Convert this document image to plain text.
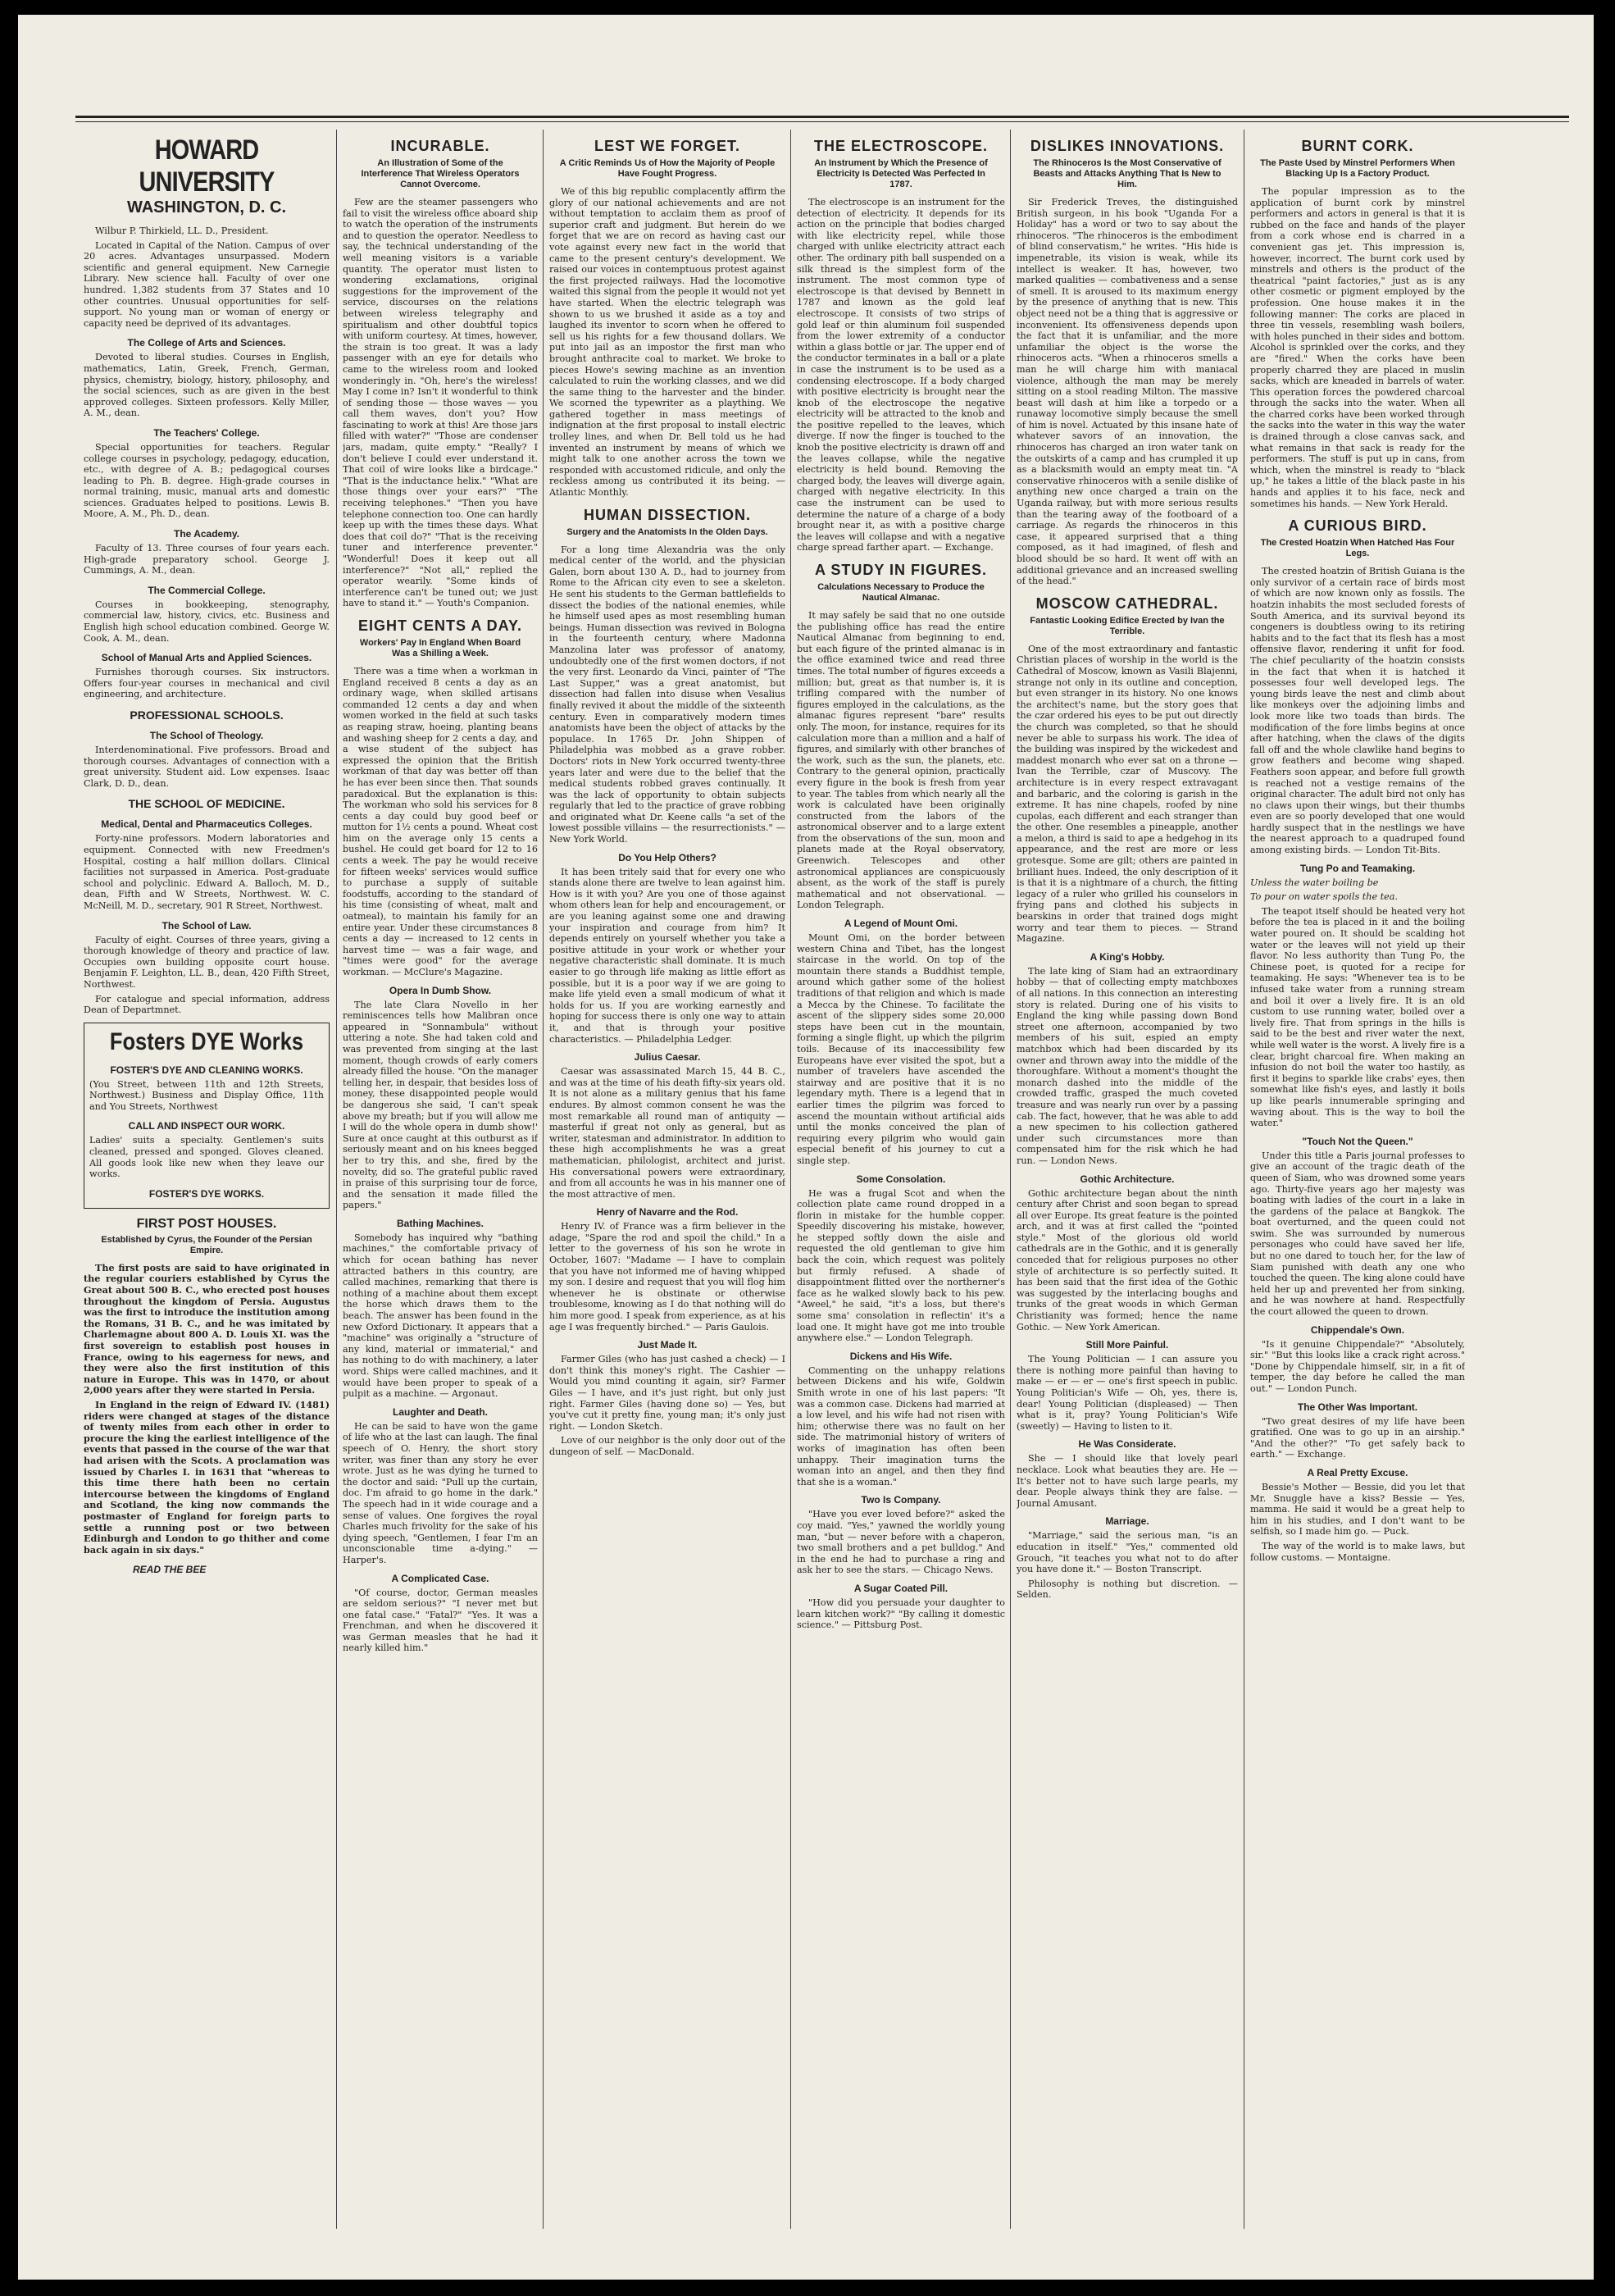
HOWARD UNIVERSITY
WASHINGTON, D. C.

Wilbur P. Thirkield, LL. D., President.

Located in Capital of the Nation. Campus of over 20 acres. Advantages unsurpassed. Modern scientific and general equipment. New Carnegie Library. New science hall. Faculty of over one hundred. 1,382 students from 37 States and 10 other countries. Unusual opportunities for self-support. No young man or woman of energy or capacity need be deprived of its advantages.

The College of Arts and Sciences.

Devoted to liberal studies. Courses in English, mathematics, Latin, Greek, French, German, physics, chemistry, biology, history, philosophy, and the social sciences, such as are given in the best approved colleges. Sixteen professors. Kelly Miller, A. M., dean.

The Teachers' College.

Special opportunities for teachers. Regular college courses in psychology, pedagogy, education, etc., with degree of A. B.; pedagogical courses leading to Ph. B. degree. High-grade courses in normal training, music, manual arts and domestic sciences. Graduates helped to positions. Lewis B. Moore, A. M., Ph. D., dean.

The Academy.

Faculty of 13. Three courses of four years each. High-grade preparatory school. George J. Cummings, A. M., dean.

The Commercial College.

Courses in bookkeeping, stenography, commercial law, history, civics, etc. Business and English high school education combined. George W. Cook, A. M., dean.

School of Manual Arts and Applied Sciences.

Furnishes thorough courses. Six instructors. Offers four-year courses in mechanical and civil engineering, and architecture.

PROFESSIONAL SCHOOLS.
The School of Theology.

Interdenominational. Five professors. Broad and thorough courses. Advantages of connection with a great university. Student aid. Low expenses. Isaac Clark, D. D., dean.

THE SCHOOL OF MEDICINE.
Medical, Dental and Pharmaceutics Colleges.

Forty-nine professors. Modern laboratories and equipment. Connected with new Freedmen's Hospital, costing a half million dollars. Clinical facilities not surpassed in America. Post-graduate school and polyclinic. Edward A. Balloch, M. D., dean, Fifth and W Streets, Northwest. W. C. McNeill, M. D., secretary, 901 R Street, Northwest.

The School of Law.

Faculty of eight. Courses of three years, giving a thorough knowledge of theory and practice of law. Occupies own building opposite court house. Benjamin F. Leighton, LL. B., dean, 420 Fifth Street, Northwest.

For catalogue and special information, address Dean of Departmnet.

Fosters DYE Works
FOSTER'S DYE AND CLEANING WORKS.

(You Street, between 11th and 12th Streets, Northwest.) Business and Display Office, 11th and You Streets, Northwest

CALL AND INSPECT OUR WORK.

Ladies' suits a specialty. Gentlemen's suits cleaned, pressed and sponged. Gloves cleaned. All goods look like new when they leave our works.

FOSTER'S DYE WORKS.
FIRST POST HOUSES.
Established by Cyrus, the Founder of the Persian Empire.

The first posts are said to have originated in the regular couriers established by Cyrus the Great about 500 B. C., who erected post houses throughout the kingdom of Persia. Augustus was the first to introduce the institution among the Romans, 31 B. C., and he was imitated by Charlemagne about 800 A. D. Louis XI. was the first sovereign to establish post houses in France, owing to his eagerness for news, and they were also the first institution of this nature in Europe. This was in 1470, or about 2,000 years after they were started in Persia.

In England in the reign of Edward IV. (1481) riders were changed at stages of the distance of twenty miles from each other in order to procure the king the earliest intelligence of the events that passed in the course of the war that had arisen with the Scots. A proclamation was issued by Charles I. in 1631 that "whereas to this time there hath been no certain intercourse between the kingdoms of England and Scotland, the king now commands the postmaster of England for foreign parts to settle a running post or two between Edinburgh and London to go thither and come back again in six days."

READ THE BEE
INCURABLE.
An Illustration of Some of the Interference That Wireless Operators Cannot Overcome.

Few are the steamer passengers who fail to visit the wireless office aboard ship to watch the operation of the instruments and to question the operator. Needless to say, the technical understanding of the well meaning visitors is a variable quantity. The operator must listen to wondering exclamations, original suggestions for the improvement of the service, discourses on the relations between wireless telegraphy and spiritualism and other doubtful topics with uniform courtesy. At times, however, the strain is too great. It was a lady passenger with an eye for details who came to the wireless room and looked wonderingly in. "Oh, here's the wireless! May I come in? Isn't it wonderful to think of sending those — those waves — you call them waves, don't you? How fascinating to work at this! Are those jars filled with water?" "Those are condenser jars, madam, quite empty." "Really? I don't believe I could ever understand it. That coil of wire looks like a birdcage." "That is the inductance helix." "What are those things over your ears?" "The receiving telephones." "Then you have telephone connection too. One can hardly keep up with the times these days. What does that coil do?" "That is the receiving tuner and interference preventer." "Wonderful! Does it keep out all interference?" "Not all," replied the operator wearily. "Some kinds of interference can't be tuned out; we just have to stand it." — Youth's Companion.

EIGHT CENTS A DAY.
Workers' Pay In England When Board Was a Shilling a Week.

There was a time when a workman in England received 8 cents a day as an ordinary wage, when skilled artisans commanded 12 cents a day and when women worked in the field at such tasks as reaping straw, hoeing, planting beans and washing sheep for 2 cents a day, and a wise student of the subject has expressed the opinion that the British workman of that day was better off than he has ever been since then. That sounds paradoxical. But the explanation is this: The workman who sold his services for 8 cents a day could buy good beef or mutton for 1½ cents a pound. Wheat cost him on the average only 15 cents a bushel. He could get board for 12 to 16 cents a week. The pay he would receive for fifteen weeks' services would suffice to purchase a supply of suitable foodstuffs, according to the standard of his time (consisting of wheat, malt and oatmeal), to maintain his family for an entire year. Under these circumstances 8 cents a day — increased to 12 cents in harvest time — was a fair wage, and "times were good" for the average workman. — McClure's Magazine.

Opera In Dumb Show.

The late Clara Novello in her reminiscences tells how Malibran once appeared in "Sonnambula" without uttering a note. She had taken cold and was prevented from singing at the last moment, though crowds of early comers already filled the house. "On the manager telling her, in despair, that besides loss of money, these disappointed people would be dangerous she said, 'I can't speak above my breath; but if you will allow me I will do the whole opera in dumb show!' Sure at once caught at this outburst as if seriously meant and on his knees begged her to try this, and she, fired by the novelty, did so. The grateful public raved in praise of this surprising tour de force, and the sensation it made filled the papers."

Bathing Machines.

Somebody has inquired why "bathing machines," the comfortable privacy of which for ocean bathing has never attracted bathers in this country, are called machines, remarking that there is nothing of a machine about them except the horse which draws them to the beach. The answer has been found in the new Oxford Dictionary. It appears that a "machine" was originally a "structure of any kind, material or immaterial," and has nothing to do with machinery, a later word. Ships were called machines, and it would have been proper to speak of a pulpit as a machine. — Argonaut.

Laughter and Death.

He can be said to have won the game of life who at the last can laugh. The final speech of O. Henry, the short story writer, was finer than any story he ever wrote. Just as he was dying he turned to the doctor and said: "Pull up the curtain, doc. I'm afraid to go home in the dark." The speech had in it wide courage and a sense of values. One forgives the royal Charles much frivolity for the sake of his dying speech, "Gentlemen, I fear I'm an unconscionable time a-dying." — Harper's.

A Complicated Case.

"Of course, doctor, German measles are seldom serious?" "I never met but one fatal case." "Fatal?" "Yes. It was a Frenchman, and when he discovered it was German measles that he had it nearly killed him."

LEST WE FORGET.
A Critic Reminds Us of How the Majority of People Have Fought Progress.

We of this big republic complacently affirm the glory of our national achievements and are not without temptation to acclaim them as proof of superior craft and judgment. But herein do we forget that we are on record as having cast our vote against every new fact in the world that came to the present century's development. We raised our voices in contemptuous protest against the first projected railways. Had the locomotive waited this signal from the people it would not yet have started. When the electric telegraph was shown to us we brushed it aside as a toy and laughed its inventor to scorn when he offered to sell us his rights for a few thousand dollars. We put into jail as an impostor the first man who brought anthracite coal to market. We broke to pieces Howe's sewing machine as an invention calculated to ruin the working classes, and we did the same thing to the harvester and the binder. We scorned the typewriter as a plaything. We gathered together in mass meetings of indignation at the first proposal to install electric trolley lines, and when Dr. Bell told us he had invented an instrument by means of which we might talk to one another across the town we responded with accustomed ridicule, and only the reckless among us contributed it its being. — Atlantic Monthly.

HUMAN DISSECTION.
Surgery and the Anatomists In the Olden Days.

For a long time Alexandria was the only medical center of the world, and the physician Galen, born about 130 A. D., had to journey from Rome to the African city even to see a skeleton. He sent his students to the German battlefields to dissect the bodies of the national enemies, while he himself used apes as most resembling human beings. Human dissection was revived in Bologna in the fourteenth century, where Madonna Manzolina later was professor of anatomy, undoubtedly one of the first women doctors, if not the very first. Leonardo da Vinci, painter of "The Last Supper," was a great anatomist, but dissection had fallen into disuse when Vesalius finally revived it about the middle of the sixteenth century. Even in comparatively modern times anatomists have been the object of attacks by the populace. In 1765 Dr. John Shippen of Philadelphia was mobbed as a grave robber. Doctors' riots in New York occurred twenty-three years later and were due to the belief that the medical students robbed graves continually. It was the lack of opportunity to obtain subjects regularly that led to the practice of grave robbing and originated what Dr. Keene calls "a set of the lowest possible villains — the resurrectionists." — New York World.

Do You Help Others?

It has been tritely said that for every one who stands alone there are twelve to lean against him. How is it with you? Are you one of those against whom others lean for help and encouragement, or are you leaning against some one and drawing your inspiration and courage from him? It depends entirely on yourself whether you take a positive attitude in your work or whether your negative characteristic shall dominate. It is much easier to go through life making as little effort as possible, but it is a poor way if we are going to make life yield even a small modicum of what it holds for us. If you are working earnestly and hoping for success there is only one way to attain it, and that is through your positive characteristics. — Philadelphia Ledger.

Julius Caesar.

Caesar was assassinated March 15, 44 B. C., and was at the time of his death fifty-six years old. It is not alone as a military genius that his fame endures. By almost common consent he was the most remarkable all round man of antiquity — masterful if great not only as general, but as writer, statesman and administrator. In addition to these high accomplishments he was a great mathematician, philologist, architect and jurist. His conversational powers were extraordinary, and from all accounts he was in his manner one of the most attractive of men.

Henry of Navarre and the Rod.

Henry IV. of France was a firm believer in the adage, "Spare the rod and spoil the child." In a letter to the governess of his son he wrote in October, 1607: "Madame — I have to complain that you have not informed me of having whipped my son. I desire and request that you will flog him whenever he is obstinate or otherwise troublesome, knowing as I do that nothing will do him more good. I speak from experience, as at his age I was frequently birched." — Paris Gaulois.

Just Made It.

Farmer Giles (who has just cashed a check) — I don't think this money's right. The Cashier — Would you mind counting it again, sir? Farmer Giles — I have, and it's just right, but only just right. Farmer Giles (having done so) — Yes, but you've cut it pretty fine, young man; it's only just right. — London Sketch.

Love of our neighbor is the only door out of the dungeon of self. — MacDonald.

THE ELECTROSCOPE.
An Instrument by Which the Presence of Electricity Is Detected Was Perfected In 1787.

The electroscope is an instrument for the detection of electricity. It depends for its action on the principle that bodies charged with like electricity repel, while those charged with unlike electricity attract each other. The ordinary pith ball suspended on a silk thread is the simplest form of the instrument. The most common type of electroscope is that devised by Bennett in 1787 and known as the gold leaf electroscope. It consists of two strips of gold leaf or thin aluminum foil suspended from the lower extremity of a conductor within a glass bottle or jar. The upper end of the conductor terminates in a ball or a plate in case the instrument is to be used as a condensing electroscope. If a body charged with positive electricity is brought near the knob of the electroscope the negative electricity will be attracted to the knob and the positive repelled to the leaves, which diverge. If now the finger is touched to the knob the positive electricity is drawn off and the leaves collapse, while the negative electricity is held bound. Removing the charged body, the leaves will diverge again, charged with negative electricity. In this case the instrument can be used to determine the nature of a charge of a body brought near it, as with a positive charge the leaves will collapse and with a negative charge spread farther apart. — Exchange.

A STUDY IN FIGURES.
Calculations Necessary to Produce the Nautical Almanac.

It may safely be said that no one outside the publishing office has read the entire Nautical Almanac from beginning to end, but each figure of the printed almanac is in the office examined twice and read three times. The total number of figures exceeds a million; but, great as that number is, it is trifling compared with the number of figures employed in the calculations, as the almanac figures represent "bare" results only. The moon, for instance, requires for its calculation more than a million and a half of figures, and similarly with other branches of the work, such as the sun, the planets, etc. Contrary to the general opinion, practically every figure in the book is fresh from year to year. The tables from which nearly all the work is calculated have been originally constructed from the labors of the astronomical observer and to a large extent from the observations of the sun, moon and planets made at the Royal observatory, Greenwich. Telescopes and other astronomical appliances are conspicuously absent, as the work of the staff is purely mathematical and not observational. — London Telegraph.

A Legend of Mount Omi.

Mount Omi, on the border between western China and Tibet, has the longest staircase in the world. On top of the mountain there stands a Buddhist temple, around which gather some of the holiest traditions of that religion and which is made a Mecca by the Chinese. To facilitate the ascent of the slippery sides some 20,000 steps have been cut in the mountain, forming a single flight, up which the pilgrim toils. Because of its inaccessibility few Europeans have ever visited the spot, but a number of travelers have ascended the stairway and are positive that it is no legendary myth. There is a legend that in earlier times the pilgrim was forced to ascend the mountain without artificial aids until the monks conceived the plan of requiring every pilgrim who would gain especial benefit of his journey to cut a single step.

Some Consolation.

He was a frugal Scot and when the collection plate came round dropped in a florin in mistake for the humble copper. Speedily discovering his mistake, however, he stepped softly down the aisle and requested the old gentleman to give him back the coin, which request was politely but firmly refused. A shade of disappointment flitted over the northerner's face as he walked slowly back to his pew. "Aweel," he said, "it's a loss, but there's some sma' consolation in reflectin' it's a load one. It might have got me into trouble anywhere else." — London Telegraph.

Dickens and His Wife.

Commenting on the unhappy relations between Dickens and his wife, Goldwin Smith wrote in one of his last papers: "It was a common case. Dickens had married at a low level, and his wife had not risen with him; otherwise there was no fault on her side. The matrimonial history of writers of works of imagination has often been unhappy. Their imagination turns the woman into an angel, and then they find that she is a woman."

Two Is Company.

"Have you ever loved before?" asked the coy maid. "Yes," yawned the worldly young man, "but — never before with a chaperon, two small brothers and a pet bulldog." And in the end he had to purchase a ring and ask her to see the stars. — Chicago News.

A Sugar Coated Pill.

"How did you persuade your daughter to learn kitchen work?" "By calling it domestic science." — Pittsburg Post.

DISLIKES INNOVATIONS.
The Rhinoceros Is the Most Conservative of Beasts and Attacks Anything That Is New to Him.

Sir Frederick Treves, the distinguished British surgeon, in his book "Uganda For a Holiday" has a word or two to say about the rhinoceros. "The rhinoceros is the embodiment of blind conservatism," he writes. "His hide is impenetrable, its vision is weak, while its intellect is weaker. It has, however, two marked qualities — combativeness and a sense of smell. It is aroused to its maximum energy by the presence of anything that is new. This object need not be a thing that is aggressive or inconvenient. Its offensiveness depends upon the fact that it is unfamiliar, and the more unfamiliar the object is the worse the rhinoceros acts. "When a rhinoceros smells a man he will charge him with maniacal violence, although the man may be merely sitting on a stool reading Milton. The massive beast will dash at him like a torpedo or a runaway locomotive simply because the smell of him is novel. Actuated by this insane hate of whatever savors of an innovation, the rhinoceros has charged an iron water tank on the outskirts of a camp and has crumpled it up as a blacksmith would an empty meat tin. "A conservative rhinoceros with a senile dislike of anything new once charged a train on the Uganda railway, but with more serious results than the tearing away of the footboard of a carriage. As regards the rhinoceros in this case, it appeared surprised that a thing composed, as it had imagined, of flesh and blood should be so hard. It went off with an additional grievance and an increased swelling of the head."

MOSCOW CATHEDRAL.
Fantastic Looking Edifice Erected by Ivan the Terrible.

One of the most extraordinary and fantastic Christian places of worship in the world is the Cathedral of Moscow, known as Vasili Blajenni, strange not only in its outline and conception, but even stranger in its history. No one knows the architect's name, but the story goes that the czar ordered his eyes to be put out directly the church was completed, so that he should never be able to surpass his work. The idea of the building was inspired by the wickedest and maddest monarch who ever sat on a throne — Ivan the Terrible, czar of Muscovy. The architecture is in every respect extravagant and barbaric, and the coloring is garish in the extreme. It has nine chapels, roofed by nine cupolas, each different and each stranger than the other. One resembles a pineapple, another a melon, a third is said to ape a hedgehog in its appearance, and the rest are more or less grotesque. Some are gilt; others are painted in brilliant hues. Indeed, the only description of it is that it is a nightmare of a church, the fitting legacy of a ruler who grilled his counselors in frying pans and clothed his subjects in bearskins in order that trained dogs might worry and tear them to pieces. — Strand Magazine.

A King's Hobby.

The late king of Siam had an extraordinary hobby — that of collecting empty matchboxes of all nations. In this connection an interesting story is related. During one of his visits to England the king while passing down Bond street one afternoon, accompanied by two members of his suit, espied an empty matchbox which had been discarded by its owner and thrown away into the middle of the thoroughfare. Without a moment's thought the monarch dashed into the middle of the crowded traffic, grasped the much coveted treasure and was nearly run over by a passing cab. The fact, however, that he was able to add a new specimen to his collection gathered under such circumstances more than compensated him for the risk which he had run. — London News.

Gothic Architecture.

Gothic architecture began about the ninth century after Christ and soon began to spread all over Europe. Its great feature is the pointed arch, and it was at first called the "pointed style." Most of the glorious old world cathedrals are in the Gothic, and it is generally conceded that for religious purposes no other style of architecture is so perfectly suited. It has been said that the first idea of the Gothic was suggested by the interlacing boughs and trunks of the great woods in which German Christianity was formed; hence the name Gothic. — New York American.

Still More Painful.

The Young Politician — I can assure you there is nothing more painful than having to make — er — er — one's first speech in public. Young Politician's Wife — Oh, yes, there is, dear! Young Politician (displeased) — Then what is it, pray? Young Politician's Wife (sweetly) — Having to listen to it.

He Was Considerate.

She — I should like that lovely pearl necklace. Look what beauties they are. He — It's better not to have such large pearls, my dear. People always think they are false. — Journal Amusant.

Marriage.

"Marriage," said the serious man, "is an education in itself." "Yes," commented old Grouch, "it teaches you what not to do after you have done it." — Boston Transcript.

Philosophy is nothing but discretion. — Selden.

BURNT CORK.
The Paste Used by Minstrel Performers When Blacking Up Is a Factory Product.

The popular impression as to the application of burnt cork by minstrel performers and actors in general is that it is rubbed on the face and hands of the player from a cork whose end is charred in a convenient gas jet. This impression is, however, incorrect. The burnt cork used by minstrels and others is the product of the theatrical "paint factories," just as is any other cosmetic or pigment employed by the profession. One house makes it in the following manner: The corks are placed in three tin vessels, resembling wash boilers, with holes punched in their sides and bottom. Alcohol is sprinkled over the corks, and they are "fired." When the corks have been properly charred they are placed in muslin sacks, which are kneaded in barrels of water. This operation forces the powdered charcoal through the sacks into the water. When all the charred corks have been worked through the sacks into the water in this way the water is drained through a close canvas sack, and what remains in that sack is ready for the performers. The stuff is put up in cans, from which, when the minstrel is ready to "black up," he takes a little of the black paste in his hands and applies it to his face, neck and sometimes his hands. — New York Herald.

A CURIOUS BIRD.
The Crested Hoatzin When Hatched Has Four Legs.

The crested hoatzin of British Guiana is the only survivor of a certain race of birds most of which are now known only as fossils. The hoatzin inhabits the most secluded forests of South America, and its survival beyond its congeners is doubtless owing to its retiring habits and to the fact that its flesh has a most offensive flavor, rendering it unfit for food. The chief peculiarity of the hoatzin consists in the fact that when it is hatched it possesses four well developed legs. The young birds leave the nest and climb about like monkeys over the adjoining limbs and look more like two toads than birds. The modification of the fore limbs begins at once after hatching, when the claws of the digits fall off and the whole clawlike hand begins to grow feathers and become wing shaped. Feathers soon appear, and before full growth is reached not a vestige remains of the original character. The adult bird not only has no claws upon their wings, but their thumbs even are so poorly developed that one would hardly suspect that in the nestlings we have the nearest approach to a quadruped found among existing birds. — London Tit-Bits.

Tung Po and Teamaking.

Unless the water boiling be

To pour on water spoils the tea.

The teapot itself should be heated very hot before the tea is placed in it and the boiling water poured on. It should be scalding hot water or the leaves will not yield up their flavor. No less authority than Tung Po, the Chinese poet, is quoted for a recipe for teamaking. He says: "Whenever tea is to be infused take water from a running stream and boil it over a lively fire. It is an old custom to use running water, boiled over a lively fire. That from springs in the hills is said to be the best and river water the next, while well water is the worst. A lively fire is a clear, bright charcoal fire. When making an infusion do not boil the water too hastily, as first it begins to sparkle like crabs' eyes, then somewhat like fish's eyes, and lastly it boils up like pearls innumerable springing and waving about. This is the way to boil the water."

"Touch Not the Queen."

Under this title a Paris journal professes to give an account of the tragic death of the queen of Siam, who was drowned some years ago. Thirty-five years ago her majesty was boating with ladies of the court in a lake in the gardens of the palace at Bangkok. The boat overturned, and the queen could not swim. She was surrounded by numerous personages who could have saved her life, but no one dared to touch her, for the law of Siam punished with death any one who touched the queen. The king alone could have held her up and prevented her from sinking, and he was nowhere at hand. Respectfully the court allowed the queen to drown.

Chippendale's Own.

"Is it genuine Chippendale?" "Absolutely, sir." "But this looks like a crack right across." "Done by Chippendale himself, sir, in a fit of temper, the day before he called the man out." — London Punch.

The Other Was Important.

"Two great desires of my life have been gratified. One was to go up in an airship." "And the other?" "To get safely back to earth." — Exchange.

A Real Pretty Excuse.

Bessie's Mother — Bessie, did you let that Mr. Snuggle have a kiss? Bessie — Yes, mamma. He said it would be a great help to him in his studies, and I don't want to be selfish, so I made him go. — Puck.

The way of the world is to make laws, but follow customs. — Montaigne.
